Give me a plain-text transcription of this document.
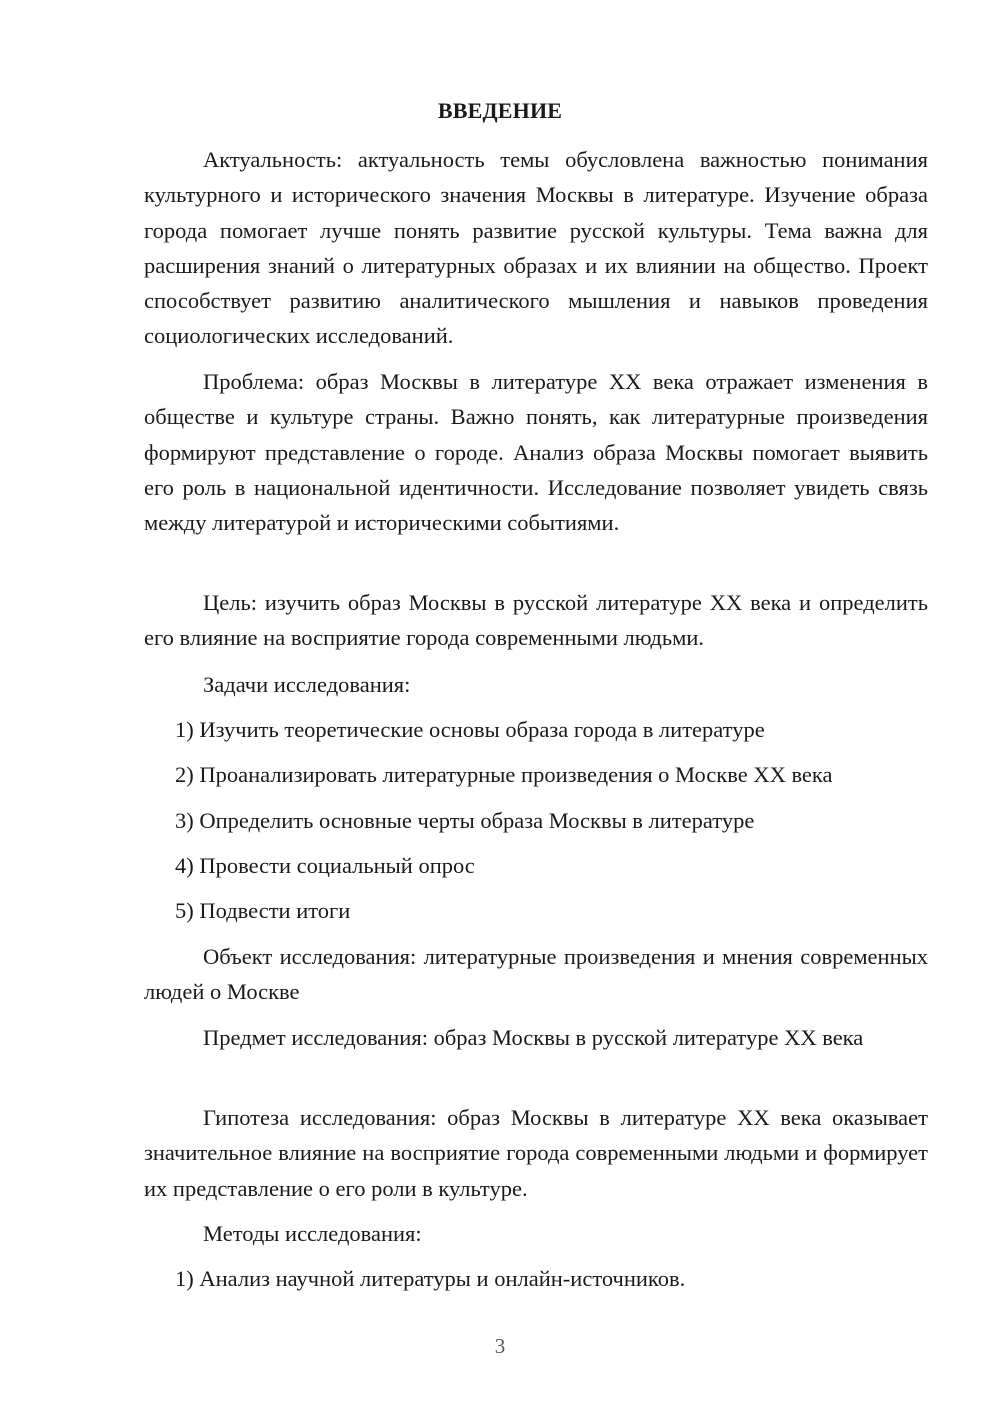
ВВЕДЕНИЕ

Актуальность: актуальность темы обусловлена важностью понимания культурного и исторического значения Москвы в литературе. Изучение образа города помогает лучше понять развитие русской культуры. Тема важна для расширения знаний о литературных образах и их влиянии на общество. Проект способствует развитию аналитического мышления и навыков проведения социологических исследований.

Проблема: образ Москвы в литературе XX века отражает изменения в обществе и культуре страны. Важно понять, как литературные произведения формируют представление о городе. Анализ образа Москвы помогает выявить его роль в национальной идентичности. Исследование позволяет увидеть связь между литературой и историческими событиями.

Цель: изучить образ Москвы в русской литературе XX века и определить его влияние на восприятие города современными людьми.

Задачи исследования:

1) Изучить теоретические основы образа города в литературе

2) Проанализировать литературные произведения о Москве XX века

3) Определить основные черты образа Москвы в литературе

4) Провести социальный опрос

5) Подвести итоги

Объект исследования: литературные произведения и мнения современных людей о Москве

Предмет исследования: образ Москвы в русской литературе XX века

Гипотеза исследования: образ Москвы в литературе XX века оказывает значительное влияние на восприятие города современными людьми и формирует их представление о его роли в культуре.

Методы исследования:

1) Анализ научной литературы и онлайн-источников.

3
